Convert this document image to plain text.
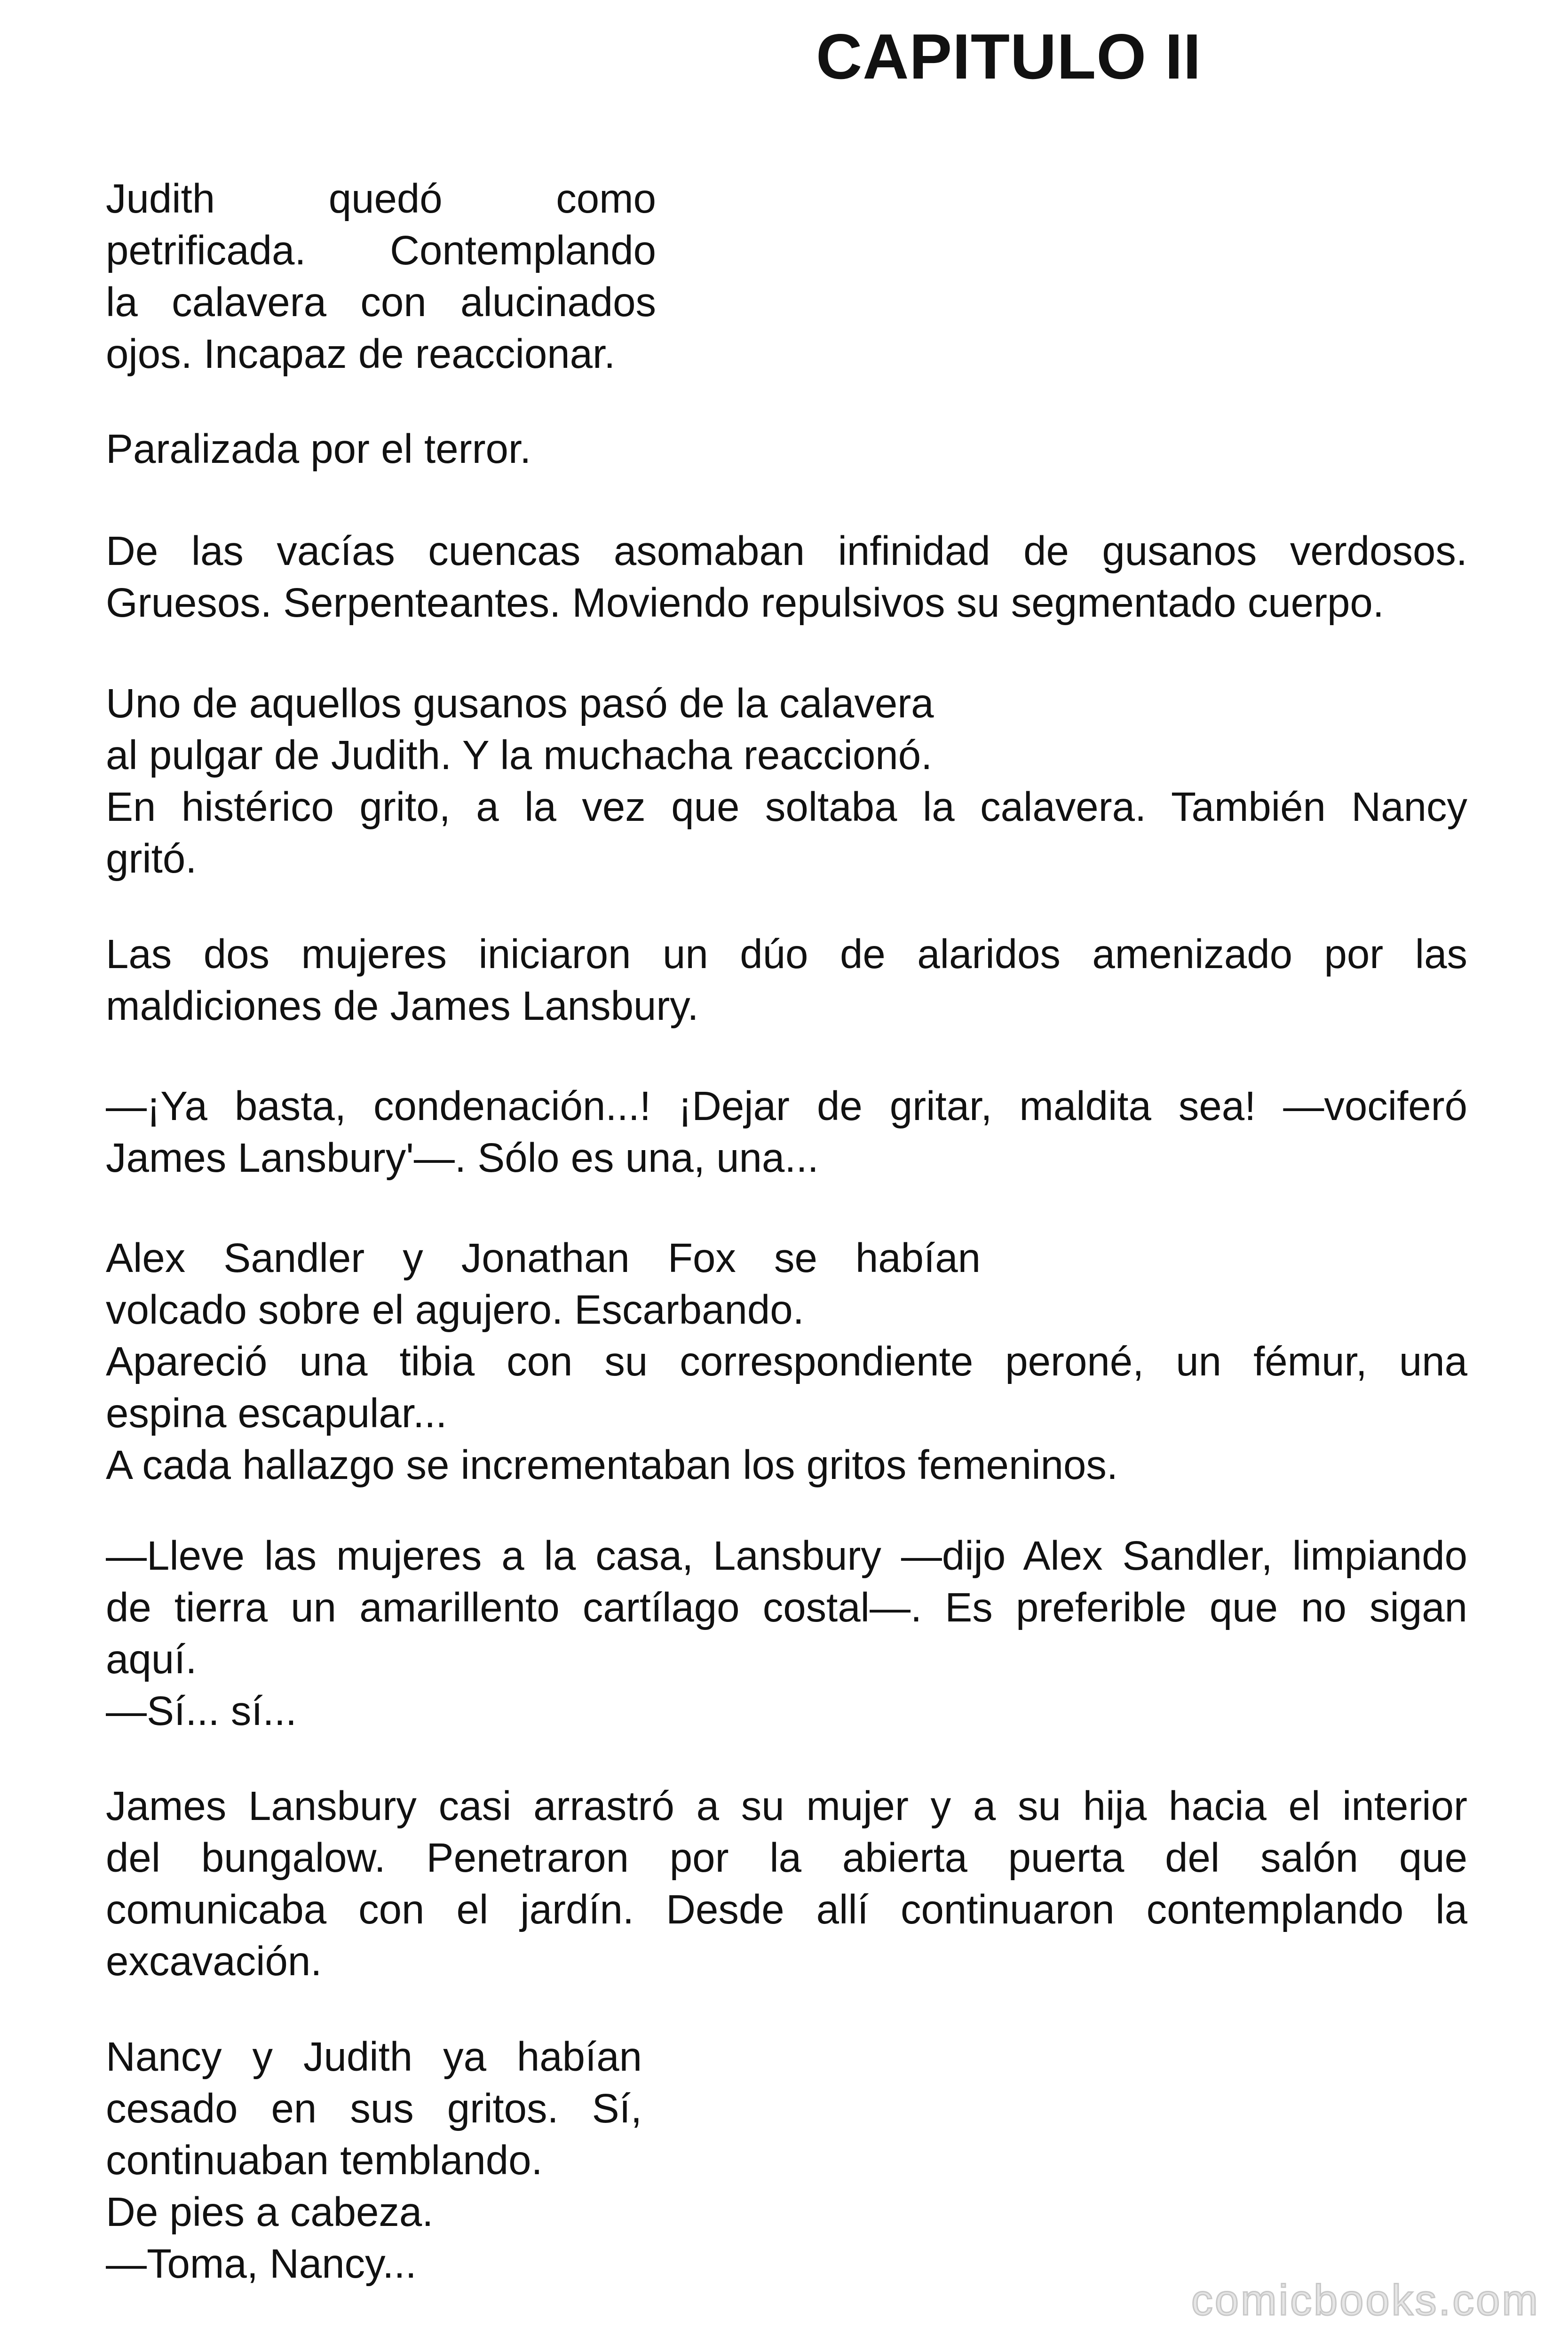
CAPITULO II
Judith quedó como
petrificada. Contemplando
la calavera con alucinados
ojos. Incapaz de reaccionar.
Paralizada por el terror.
De las vacías cuencas asomaban infinidad de gusanos verdosos.
Gruesos. Serpenteantes. Moviendo repulsivos su segmentado cuerpo.
Uno de aquellos gusanos pasó de la calavera
al pulgar de Judith. Y la muchacha reaccionó.
En histérico grito, a la vez que soltaba la calavera. También Nancy
gritó.
Las dos mujeres iniciaron un dúo de alaridos amenizado por las
maldiciones de James Lansbury.
—¡Ya basta, condenación...! ¡Dejar de gritar, maldita sea! —vociferó
James Lansbury'—. Sólo es una, una...
Alex Sandler y Jonathan Fox se habían
volcado sobre el agujero. Escarbando.
Apareció una tibia con su correspondiente peroné, un fémur, una
espina escapular...
A cada hallazgo se incrementaban los gritos femeninos.
—Lleve las mujeres a la casa, Lansbury —dijo Alex Sandler, limpiando
de tierra un amarillento cartílago costal—. Es preferible que no sigan
aquí.
—Sí... sí...
James Lansbury casi arrastró a su mujer y a su hija hacia el interior
del bungalow. Penetraron por la abierta puerta del salón que
comunicaba con el jardín. Desde allí continuaron contemplando la
excavación.
Nancy y Judith ya habían
cesado en sus gritos. Sí,
continuaban temblando.
De pies a cabeza.
—Toma, Nancy...
comicbooks.com
